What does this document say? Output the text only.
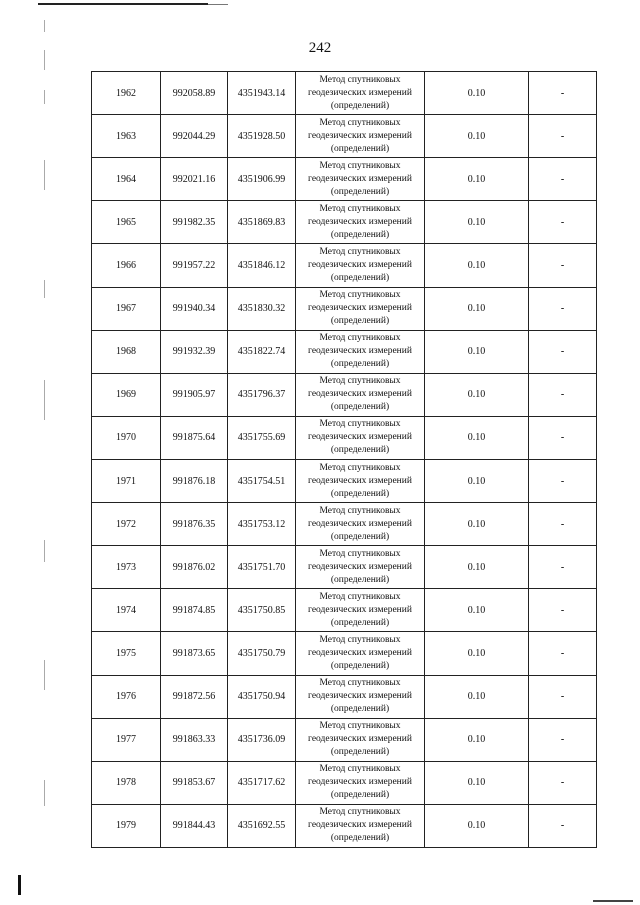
242
1962	992058.89	4351943.14	Метод спутниковых
геодезических измерений
(определений)	0.10	-
1963	992044.29	4351928.50	Метод спутниковых
геодезических измерений
(определений)	0.10	-
1964	992021.16	4351906.99	Метод спутниковых
геодезических измерений
(определений)	0.10	-
1965	991982.35	4351869.83	Метод спутниковых
геодезических измерений
(определений)	0.10	-
1966	991957.22	4351846.12	Метод спутниковых
геодезических измерений
(определений)	0.10	-
1967	991940.34	4351830.32	Метод спутниковых
геодезических измерений
(определений)	0.10	-
1968	991932.39	4351822.74	Метод спутниковых
геодезических измерений
(определений)	0.10	-
1969	991905.97	4351796.37	Метод спутниковых
геодезических измерений
(определений)	0.10	-
1970	991875.64	4351755.69	Метод спутниковых
геодезических измерений
(определений)	0.10	-
1971	991876.18	4351754.51	Метод спутниковых
геодезических измерений
(определений)	0.10	-
1972	991876.35	4351753.12	Метод спутниковых
геодезических измерений
(определений)	0.10	-
1973	991876.02	4351751.70	Метод спутниковых
геодезических измерений
(определений)	0.10	-
1974	991874.85	4351750.85	Метод спутниковых
геодезических измерений
(определений)	0.10	-
1975	991873.65	4351750.79	Метод спутниковых
геодезических измерений
(определений)	0.10	-
1976	991872.56	4351750.94	Метод спутниковых
геодезических измерений
(определений)	0.10	-
1977	991863.33	4351736.09	Метод спутниковых
геодезических измерений
(определений)	0.10	-
1978	991853.67	4351717.62	Метод спутниковых
геодезических измерений
(определений)	0.10	-
1979	991844.43	4351692.55	Метод спутниковых
геодезических измерений
(определений)	0.10	-
